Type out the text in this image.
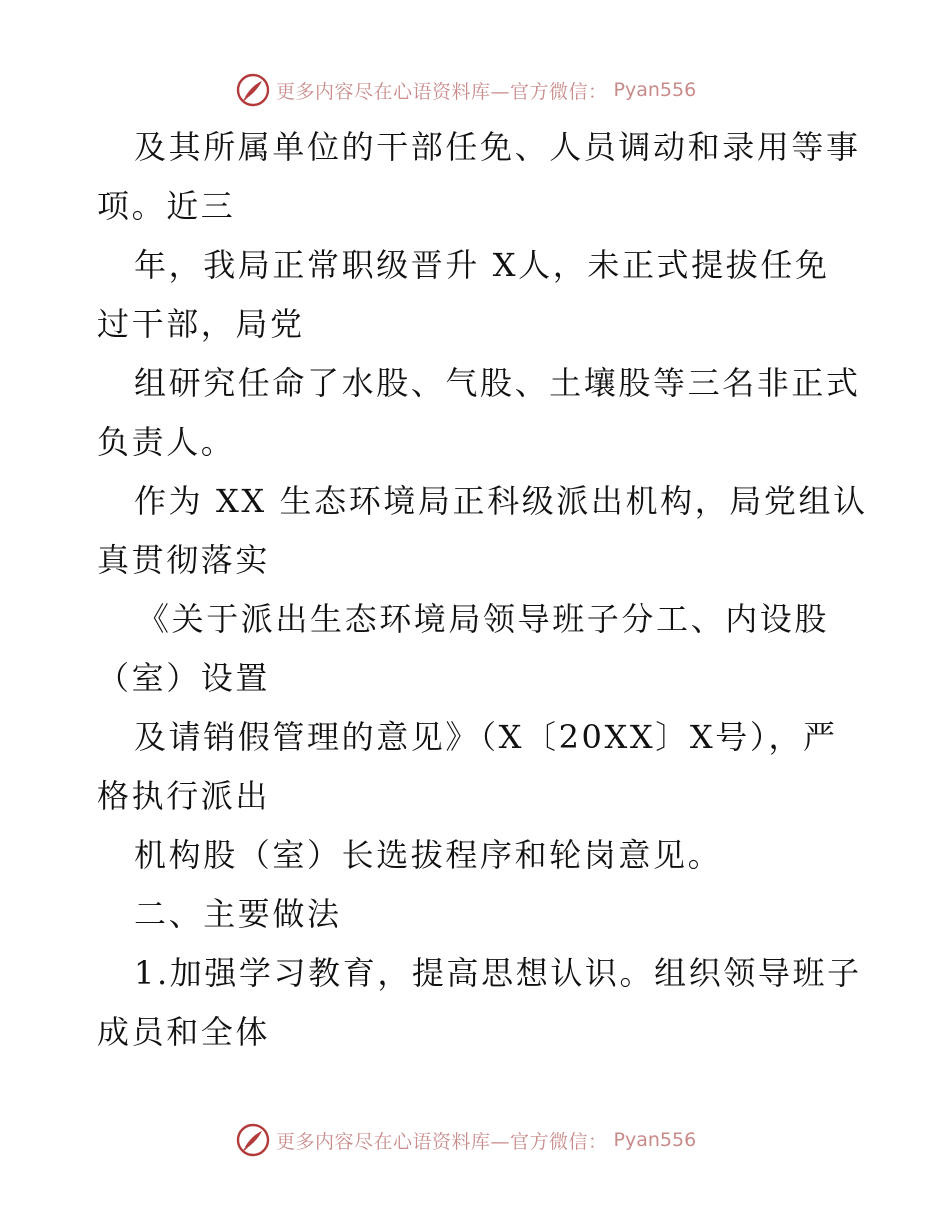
更多内容尽在心语资料库—官方微信： Pyan556
及其所属单位的干部任免、人员调动和录用等事
项。近三
年，我局正常职级晋升 X人，未正式提拔任免
过干部，局党
组研究任命了水股、气股、土壤股等三名非正式
负责人。
作为 XX 生态环境局正科级派出机构，局党组认
真贯彻落实
《关于派出生态环境局领导班子分工、内设股
（室）设置
及请销假管理的意见》（X〔20XX〕X号），严
格执行派出
机构股（室）长选拔程序和轮岗意见。
二、主要做法
1.加强学习教育，提高思想认识。组织领导班子
成员和全体
更多内容尽在心语资料库—官方微信： Pyan556
